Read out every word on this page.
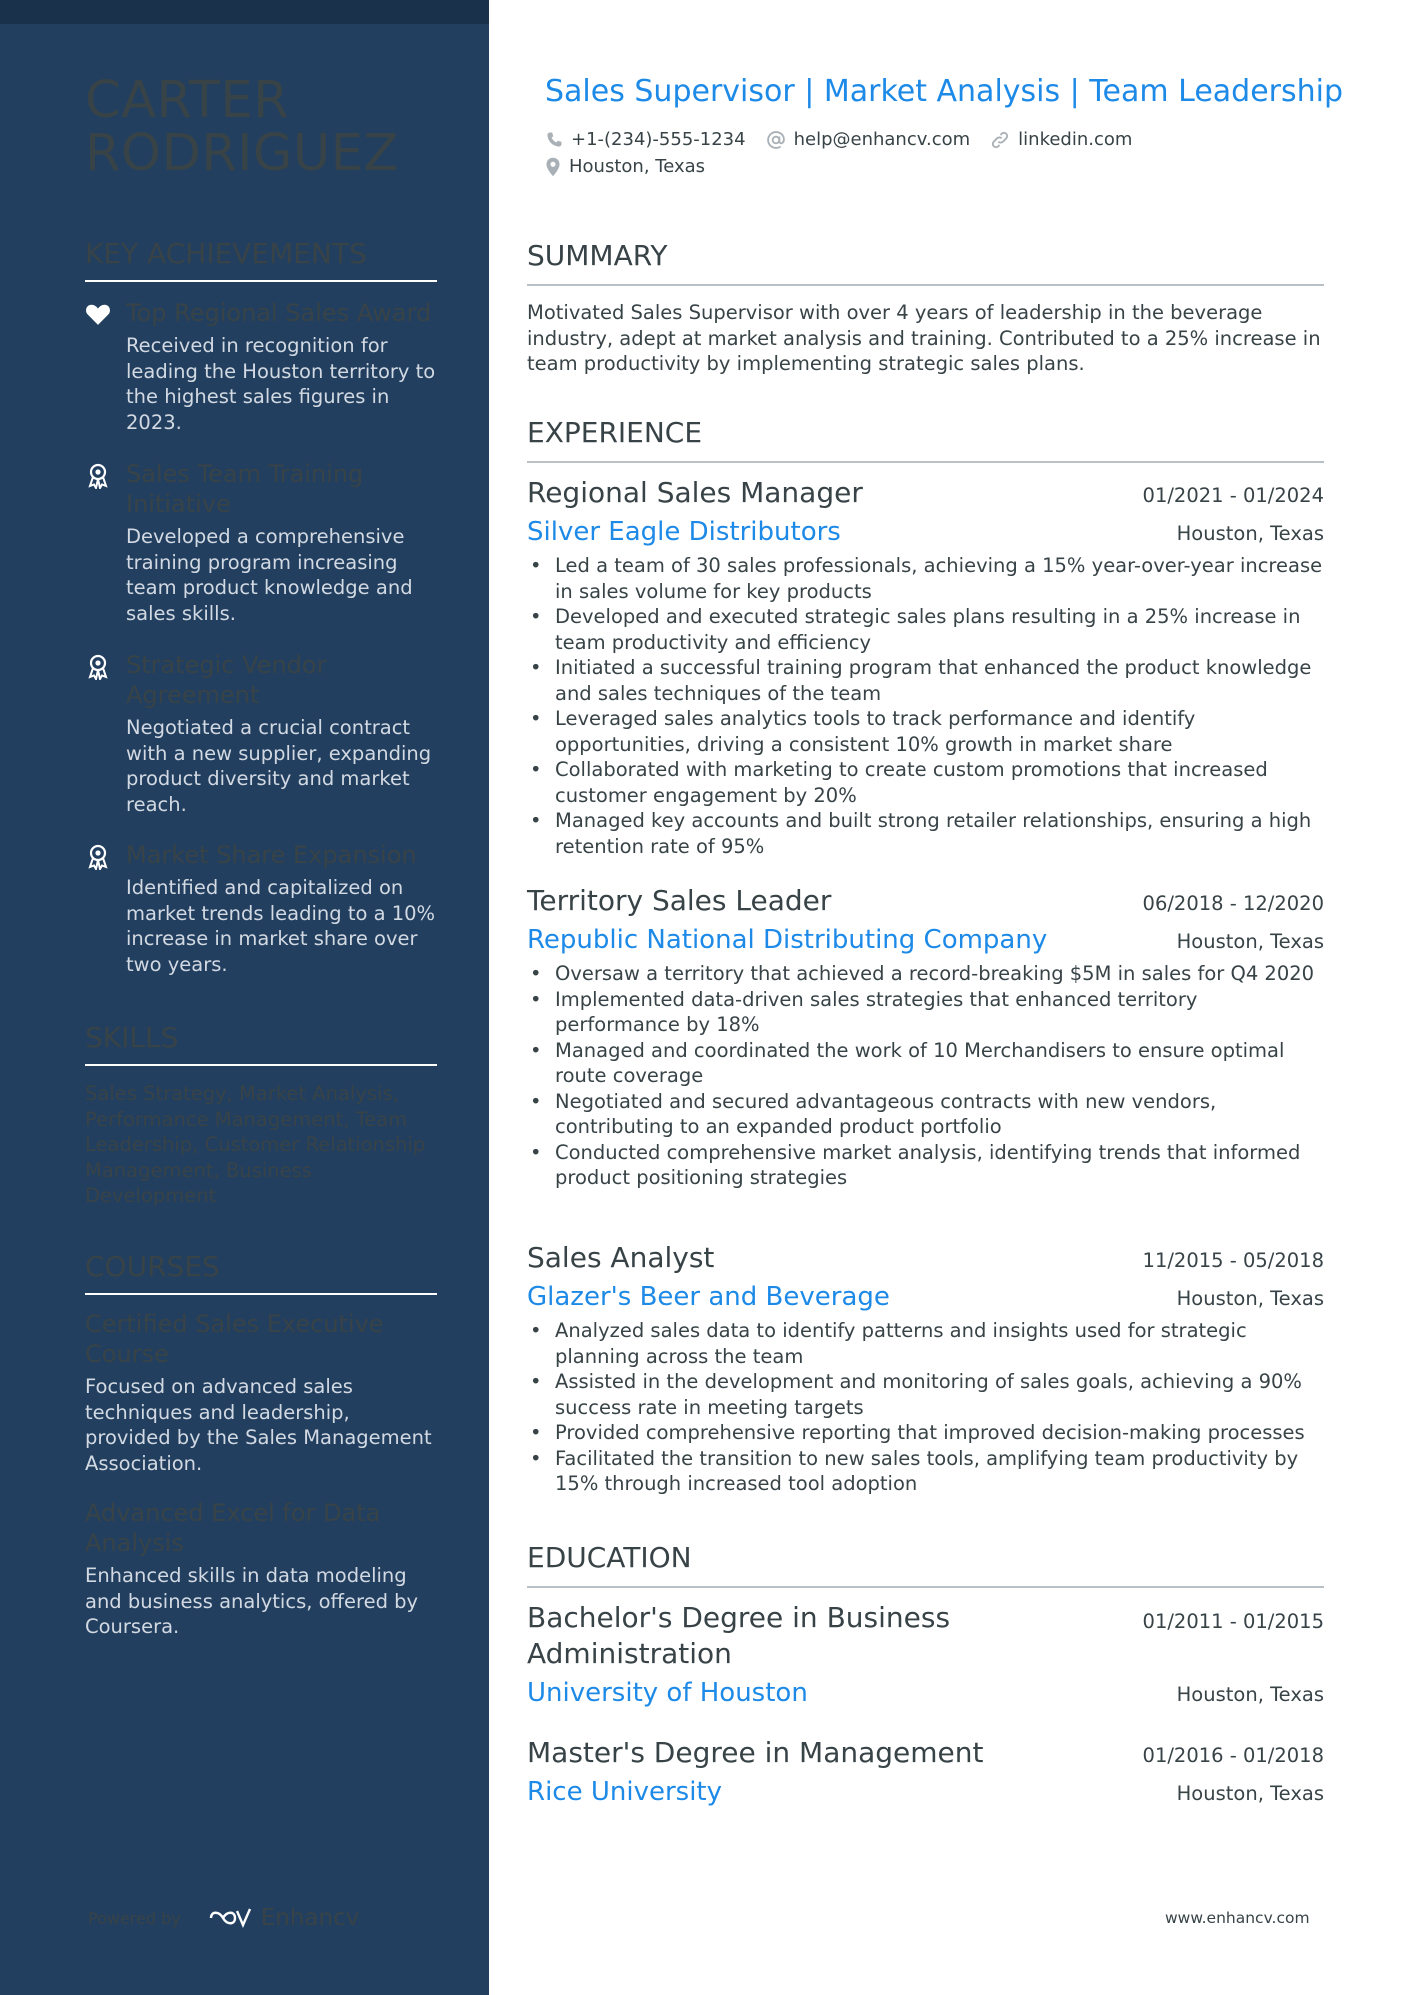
CARTER RODRIGUEZ
KEY ACHIEVEMENTS
Top Regional Sales Award
Received in recognition for leading the Houston territory to the highest sales figures in 2023.
Sales Team Training Initiative
Developed a comprehensive training program increasing team product knowledge and sales skills.
Strategic Vendor Agreement
Negotiated a crucial contract with a new supplier, expanding product diversity and market reach.
Market Share Expansion
Identified and capitalized on market trends leading to a 10% increase in market share over two years.
SKILLS
Sales Strategy, Market Analysis, Performance Management, Team Leadership, Customer Relationship Management, Business Development
COURSES
Certified Sales Executive Course
Focused on advanced sales techniques and leadership, provided by the Sales Management Association.
Advanced Excel for Data Analysis
Enhanced skills in data modeling and business analytics, offered by Coursera.
Powered by	Enhancv
Sales Supervisor | Market Analysis | Team Leadership
+1-(234)-555-1234	help@enhancv.com	linkedin.com
Houston, Texas
SUMMARY
Motivated Sales Supervisor with over 4 years of leadership in the beverage industry, adept at market analysis and training. Contributed to a 25% increase in team productivity by implementing strategic sales plans.
EXPERIENCE
Regional Sales Manager	01/2021 - 01/2024
Silver Eagle Distributors	Houston, Texas
• Led a team of 30 sales professionals, achieving a 15% year-over-year increase in sales volume for key products
• Developed and executed strategic sales plans resulting in a 25% increase in team productivity and efficiency
• Initiated a successful training program that enhanced the product knowledge and sales techniques of the team
• Leveraged sales analytics tools to track performance and identify opportunities, driving a consistent 10% growth in market share
• Collaborated with marketing to create custom promotions that increased customer engagement by 20%
• Managed key accounts and built strong retailer relationships, ensuring a high retention rate of 95%
Territory Sales Leader	06/2018 - 12/2020
Republic National Distributing Company	Houston, Texas
• Oversaw a territory that achieved a record-breaking $5M in sales for Q4 2020
• Implemented data-driven sales strategies that enhanced territory performance by 18%
• Managed and coordinated the work of 10 Merchandisers to ensure optimal route coverage
• Negotiated and secured advantageous contracts with new vendors, contributing to an expanded product portfolio
• Conducted comprehensive market analysis, identifying trends that informed product positioning strategies
Sales Analyst	11/2015 - 05/2018
Glazer's Beer and Beverage	Houston, Texas
• Analyzed sales data to identify patterns and insights used for strategic planning across the team
• Assisted in the development and monitoring of sales goals, achieving a 90% success rate in meeting targets
• Provided comprehensive reporting that improved decision-making processes
• Facilitated the transition to new sales tools, amplifying team productivity by 15% through increased tool adoption
EDUCATION
Bachelor's Degree in Business Administration
01/2011 - 01/2015
University of Houston	Houston, Texas
Master's Degree in Management	01/2016 - 01/2018
Rice University	Houston, Texas
www.enhancv.com
